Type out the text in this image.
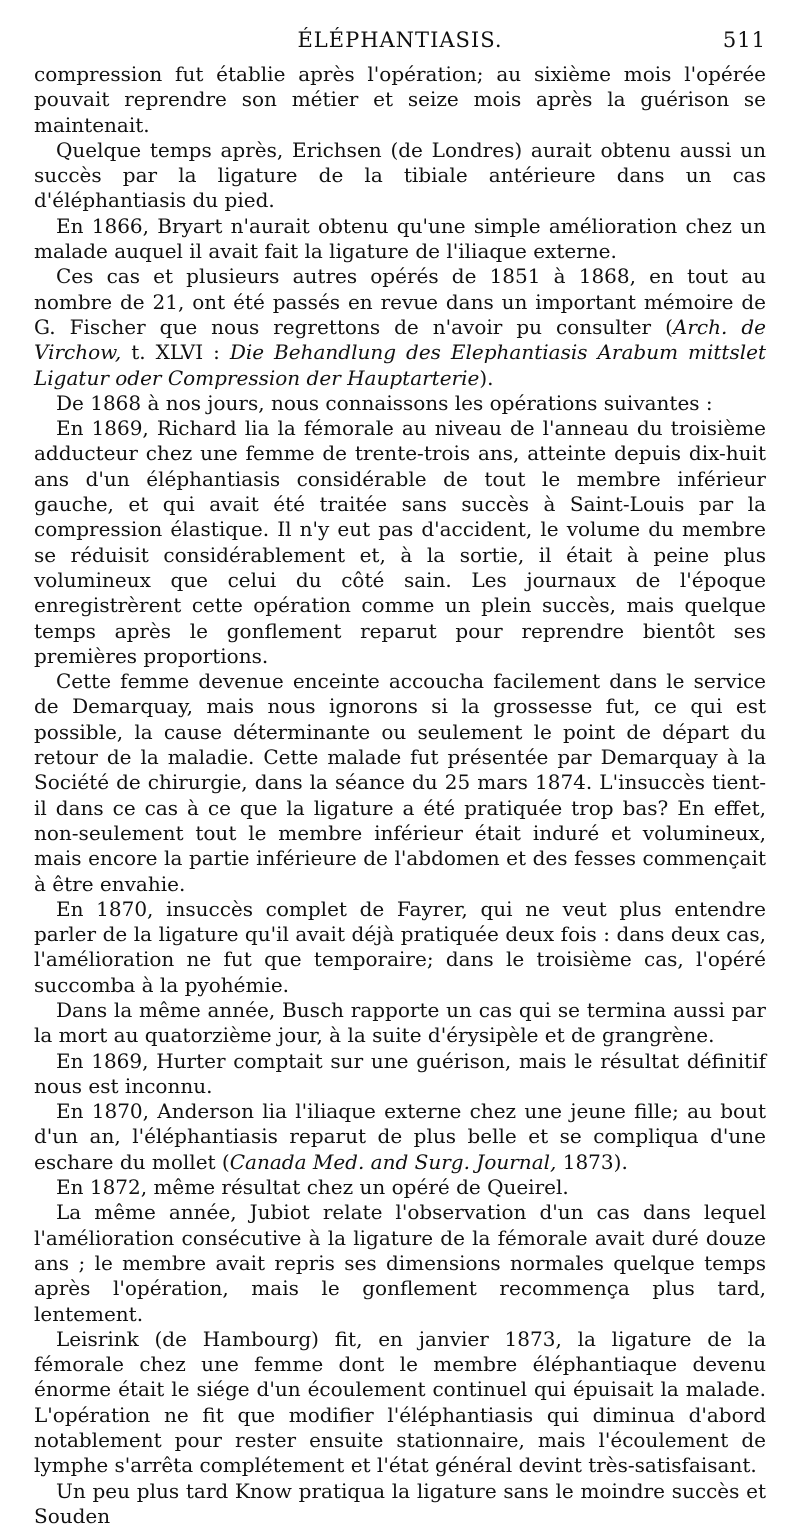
ÉLÉPHANTIASIS.	511

compression fut établie après l'opération; au sixième mois l'opérée pouvait reprendre son métier et seize mois après la guérison se maintenait.

Quelque temps après, Erichsen (de Londres) aurait obtenu aussi un succès par la ligature de la tibiale antérieure dans un cas d'éléphantiasis du pied.

En 1866, Bryart n'aurait obtenu qu'une simple amélioration chez un malade auquel il avait fait la ligature de l'iliaque externe.

Ces cas et plusieurs autres opérés de 1851 à 1868, en tout au nombre de 21, ont été passés en revue dans un important mémoire de G. Fischer que nous regrettons de n'avoir pu consulter (Arch. de Virchow, t. XLVI : Die Behandlung des Elephantiasis Arabum mittslet Ligatur oder Compression der Hauptarterie).

De 1868 à nos jours, nous connaissons les opérations suivantes :

En 1869, Richard lia la fémorale au niveau de l'anneau du troisième adducteur chez une femme de trente-trois ans, atteinte depuis dix-huit ans d'un éléphantiasis considérable de tout le membre inférieur gauche, et qui avait été traitée sans succès à Saint-Louis par la compression élastique. Il n'y eut pas d'accident, le volume du membre se réduisit considérablement et, à la sortie, il était à peine plus volumineux que celui du côté sain. Les journaux de l'époque enregistrèrent cette opération comme un plein succès, mais quelque temps après le gonflement reparut pour reprendre bientôt ses premières proportions.

Cette femme devenue enceinte accoucha facilement dans le service de Demarquay, mais nous ignorons si la grossesse fut, ce qui est possible, la cause déterminante ou seulement le point de départ du retour de la maladie. Cette malade fut présentée par Demarquay à la Société de chirurgie, dans la séance du 25 mars 1874. L'insuccès tient-il dans ce cas à ce que la ligature a été pratiquée trop bas? En effet, non-seulement tout le membre inférieur était induré et volumineux, mais encore la partie inférieure de l'abdomen et des fesses commençait à être envahie.

En 1870, insuccès complet de Fayrer, qui ne veut plus entendre parler de la ligature qu'il avait déjà pratiquée deux fois : dans deux cas, l'amélioration ne fut que temporaire; dans le troisième cas, l'opéré succomba à la pyohémie.

Dans la même année, Busch rapporte un cas qui se termina aussi par la mort au quatorzième jour, à la suite d'érysipèle et de grangrène.

En 1869, Hurter comptait sur une guérison, mais le résultat définitif nous est inconnu.

En 1870, Anderson lia l'iliaque externe chez une jeune fille; au bout d'un an, l'éléphantiasis reparut de plus belle et se compliqua d'une eschare du mollet (Canada Med. and Surg. Journal, 1873).

En 1872, même résultat chez un opéré de Queirel.

La même année, Jubiot relate l'observation d'un cas dans lequel l'amélioration consécutive à la ligature de la fémorale avait duré douze ans ; le membre avait repris ses dimensions normales quelque temps après l'opération, mais le gonflement recommença plus tard, lentement.

Leisrink (de Hambourg) fit, en janvier 1873, la ligature de la fémorale chez une femme dont le membre éléphantiaque devenu énorme était le siége d'un écoulement continuel qui épuisait la malade. L'opération ne fit que modifier l'éléphantiasis qui diminua d'abord notablement pour rester ensuite stationnaire, mais l'écoulement de lymphe s'arrêta complétement et l'état général devint très-satisfaisant.

Un peu plus tard Know pratiqua la ligature sans le moindre succès et Souden
